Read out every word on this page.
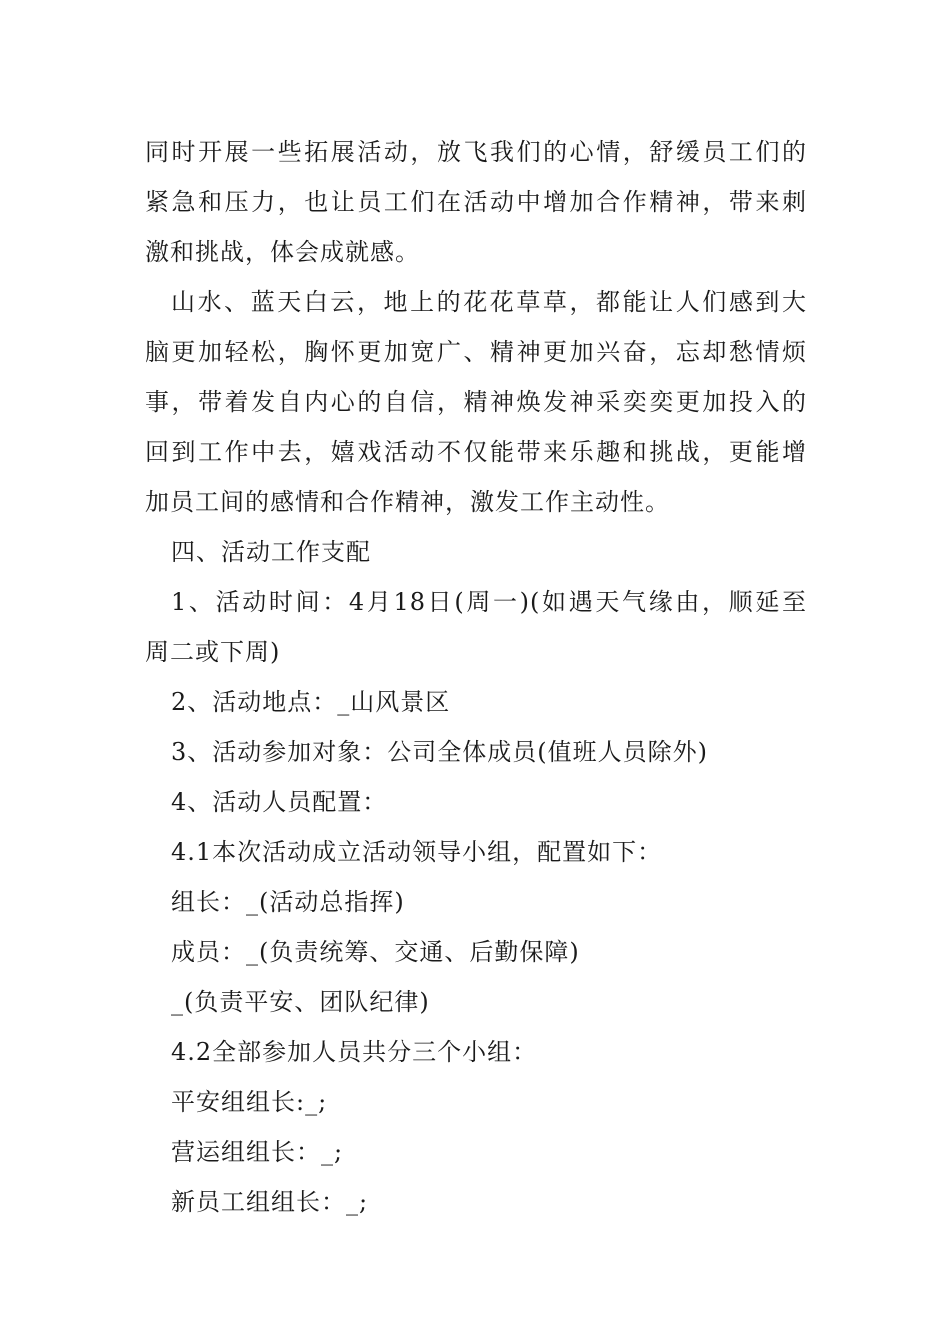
同时开展一些拓展活动，放飞我们的心情，舒缓员工们的
紧急和压力，也让员工们在活动中增加合作精神，带来刺
激和挑战，体会成就感。
山水、蓝天白云，地上的花花草草，都能让人们感到大
脑更加轻松，胸怀更加宽广、精神更加兴奋，忘却愁情烦
事，带着发自内心的自信，精神焕发神采奕奕更加投入的
回到工作中去，嬉戏活动不仅能带来乐趣和挑战，更能增
加员工间的感情和合作精神，激发工作主动性。
四、活动工作支配
1、活动时间：4月18日(周一)(如遇天气缘由，顺延至
周二或下周)
2、活动地点：_山风景区
3、活动参加对象：公司全体成员(值班人员除外)
4、活动人员配置：
4.1本次活动成立活动领导小组，配置如下：
组长：_(活动总指挥)
成员：_(负责统筹、交通、后勤保障)
_(负责平安、团队纪律)
4.2全部参加人员共分三个小组：
平安组组长:_;
营运组组长：_;
新员工组组长：_;
